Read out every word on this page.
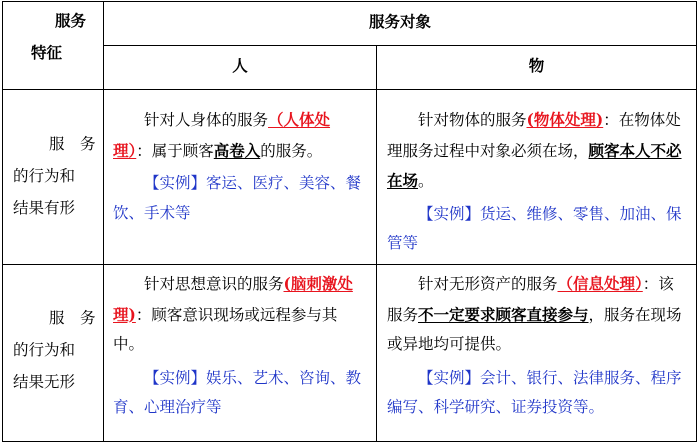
服务

特征

服务对象
人	物

服　务

的行为和

结果有形

针对人身体的服务（人体处理）：属于顾客高卷入的服务。

【实例】客运、医疗、美容、餐饮、手术等

针对物体的服务(物体处理)：在物体处理服务过程中对象必须在场，顾客本人不必在场。

【实例】货运、维修、零售、加油、保管等

服　务

的行为和

结果无形

针对思想意识的服务(脑刺激处理)：顾客意识现场或远程参与其中。

【实例】娱乐、艺术、咨询、教育、心理治疗等

针对无形资产的服务（信息处理）：该服务不一定要求顾客直接参与，服务在现场或异地均可提供。

【实例】会计、银行、法律服务、程序编写、科学研究、证券投资等。
